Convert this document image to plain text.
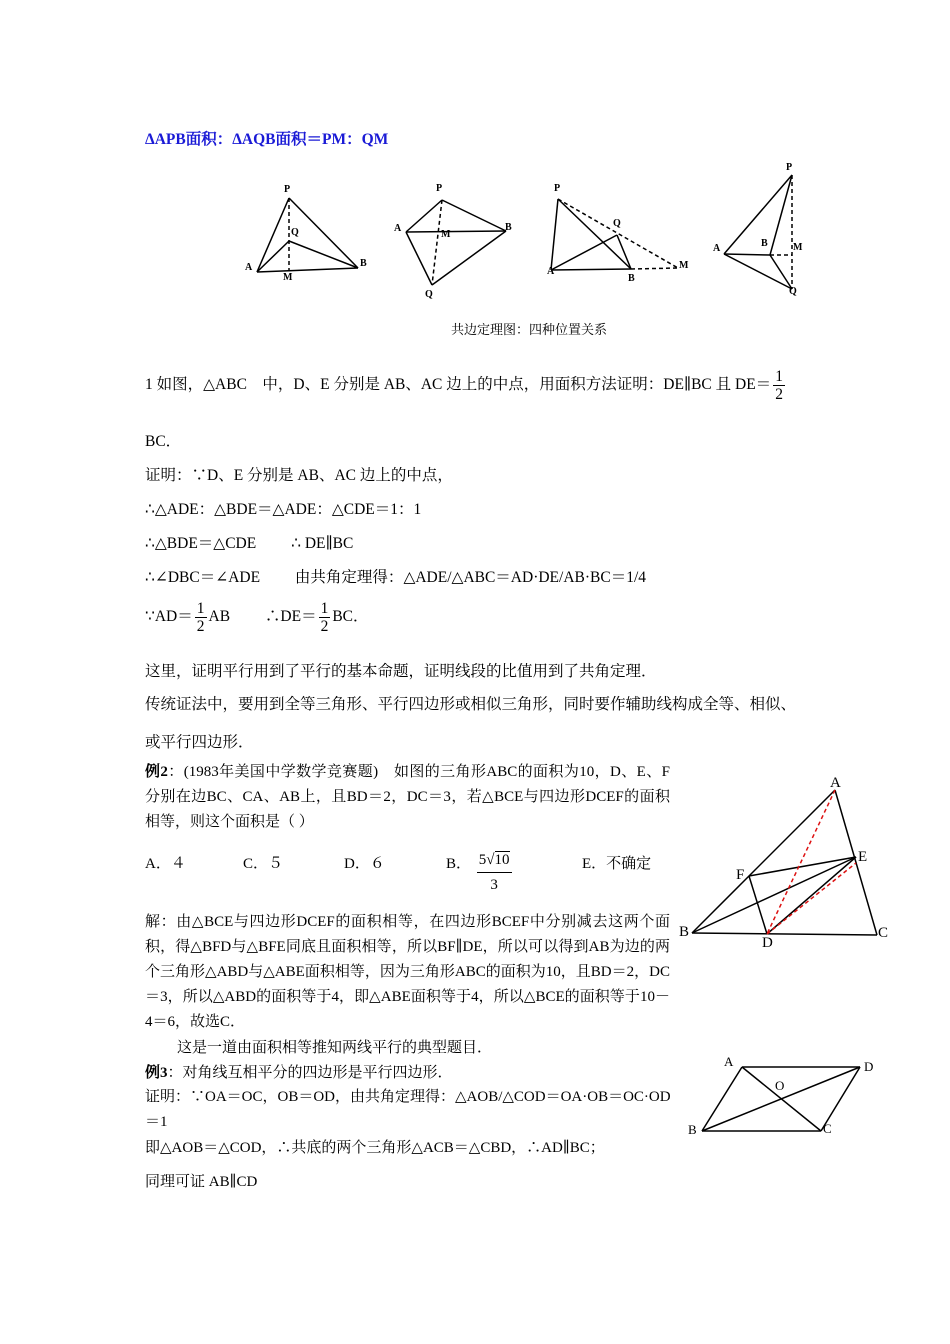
ΔAPB面积：ΔAQB面积＝PM：QM
P
Q
A	B
M
P
A
M
B
Q
P
Q
A
B
M
P
A	B	M
Q
共边定理图：四种位置关系
1 如图，△ABC　中，D、E 分别是 AB、AC 边上的中点，用面积方法证明：DE∥BC 且 $DE= \frac{1}{2}$
BC．
证明：∵D、E 分别是 AB、AC 边上的中点，
∴△ADE：△BDE＝△ADE：△CDE＝1：1
∴△BDE＝△CDE　　 ∴ DE∥BC
∴∠DBC＝∠ADE　　 由共角定理得：△ADE/△ABC＝AD·DE/AB·BC＝1/4
∵AD＝ $\frac{1}{2}$ AB　　 ∴DE＝ $\frac{1}{2}$ BC．
这里，证明平行用到了平行的基本命题，证明线段的比值用到了共角定理．
传统证法中，要用到全等三角形、平行四边形或相似三角形，同时要作辅助线构成全等、相似、
或平行四边形．
例2：(1983年美国中学数学竞赛题)　如图的三角形ABC的面积为10，D、E、F分别在边BC、CA、AB上，且BD＝2，DC＝3，若△BCE与四边形DCEF的面积相等，则这个面积是（ ）
A．４	C．５	D．６	B． $\frac{5√10}{3}$	E．不确定
解：由△BCE与四边形DCEF的面积相等，在四边形BCEF中分别减去这两个面积，得△BFD与△BFE同底且面积相等，所以BF∥DE，所以可以得到AB为边的两个三角形△ABD与△ABE面积相等，因为三角形ABC的面积为10，且BD＝2，DC＝3，所以△ABD的面积等于4，即△ABE面积等于4，所以△BCE的面积等于10－4＝6，故选C．
这是一道由面积相等推知两线平行的典型题目．
A
E
F
B
D
C
例3：对角线互相平分的四边形是平行四边形．
证明：∵OA＝OC，OB＝OD，由共角定理得：△AOB/△COD＝OA·OB＝OC·OD＝1
即△AOB＝△COD，∴共底的两个三角形△ACB＝△CBD，∴AD∥BC；
同理可证 AB∥CD
A	D
O
B	C
